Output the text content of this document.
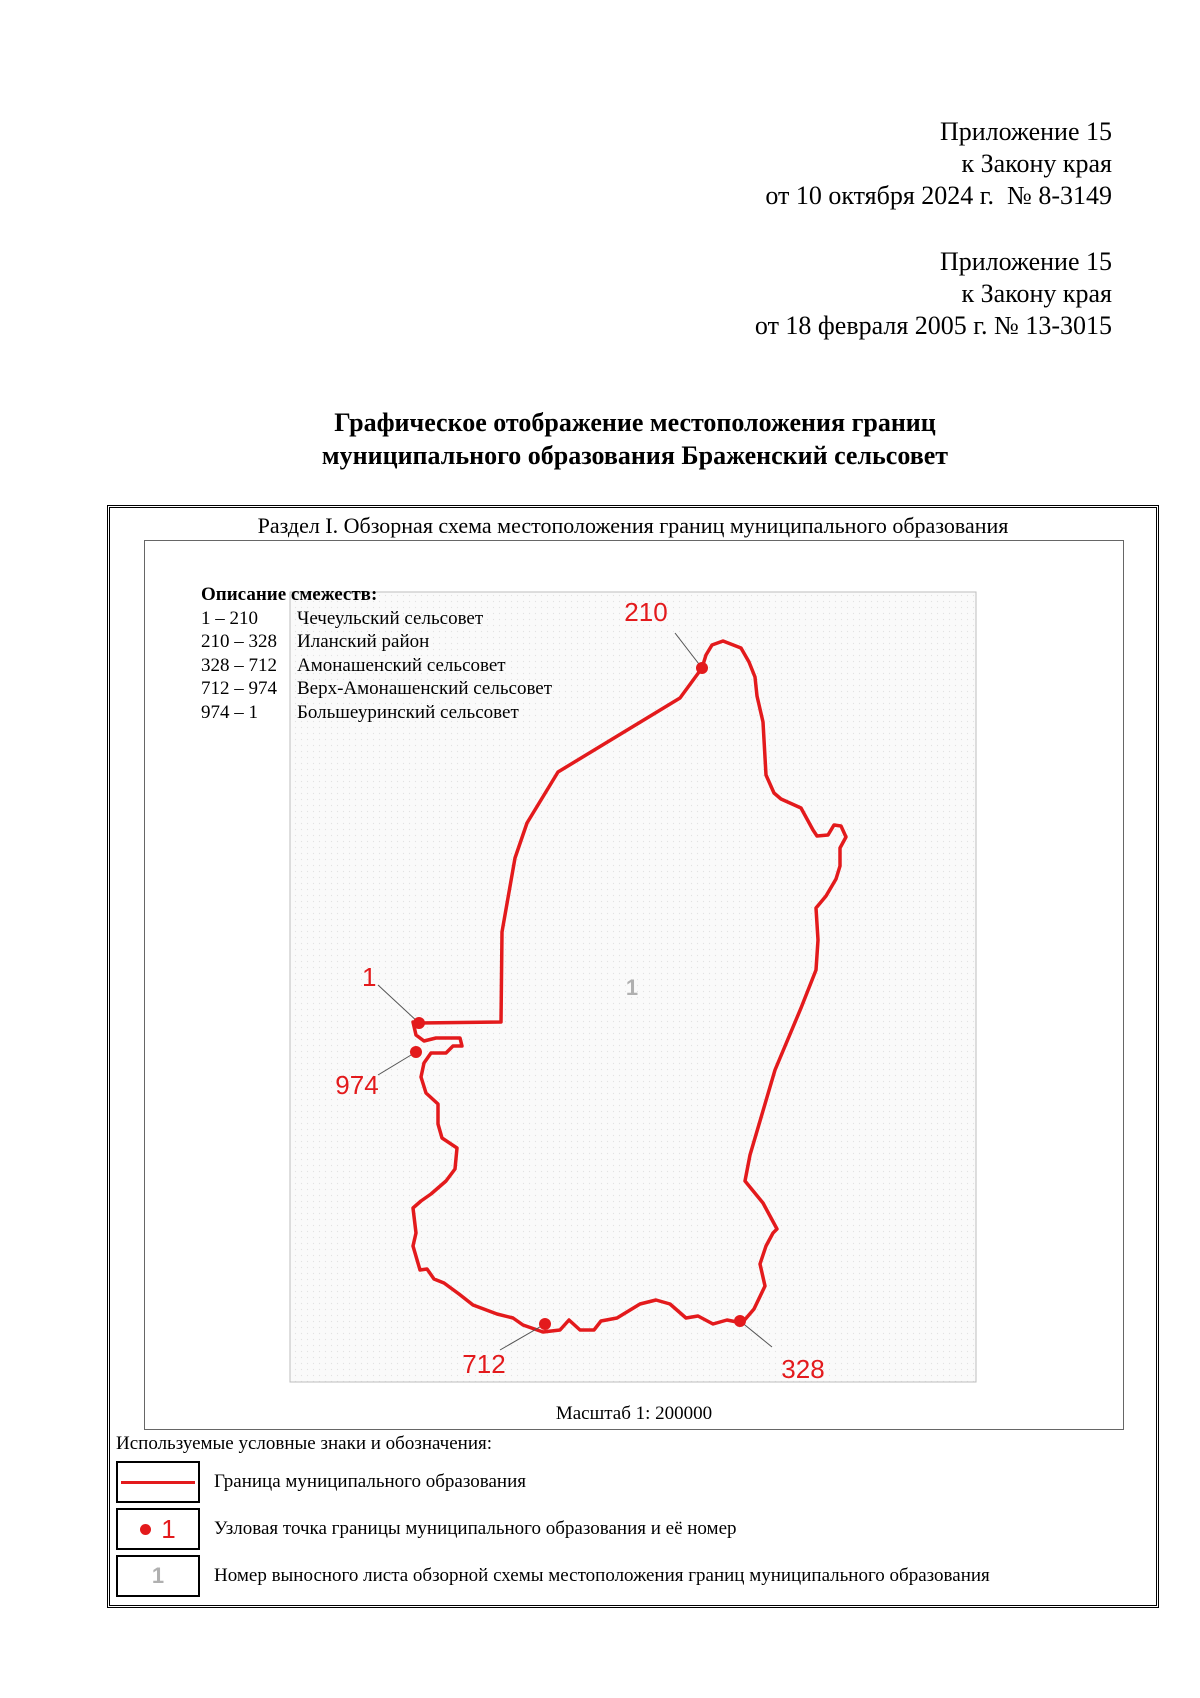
Приложение 15
к Закону края
от 10 октября 2024 г.  № 8-3149
Приложение 15
к Закону края
от 18 февраля 2005 г. № 13-3015
Графическое отображение местоположения границ
муниципального образования Браженский сельсовет
Раздел I. Обзорная схема местоположения границ муниципального образования
1
974
210
328
712
1
Описание смежеств:
1 – 210	Чечеульский сельсовет
210 – 328	Иланский район
328 – 712	Амонашенский сельсовет
712 – 974	Верх-Амонашенский сельсовет
974 – 1	Большеуринский сельсовет
Масштаб 1: 200000
Используемые условные знаки и обозначения:
Граница муниципального образования
1 Узловая точка границы муниципального образования и её номер
1	Номер выносного листа обзорной схемы местоположения границ муниципального образования
